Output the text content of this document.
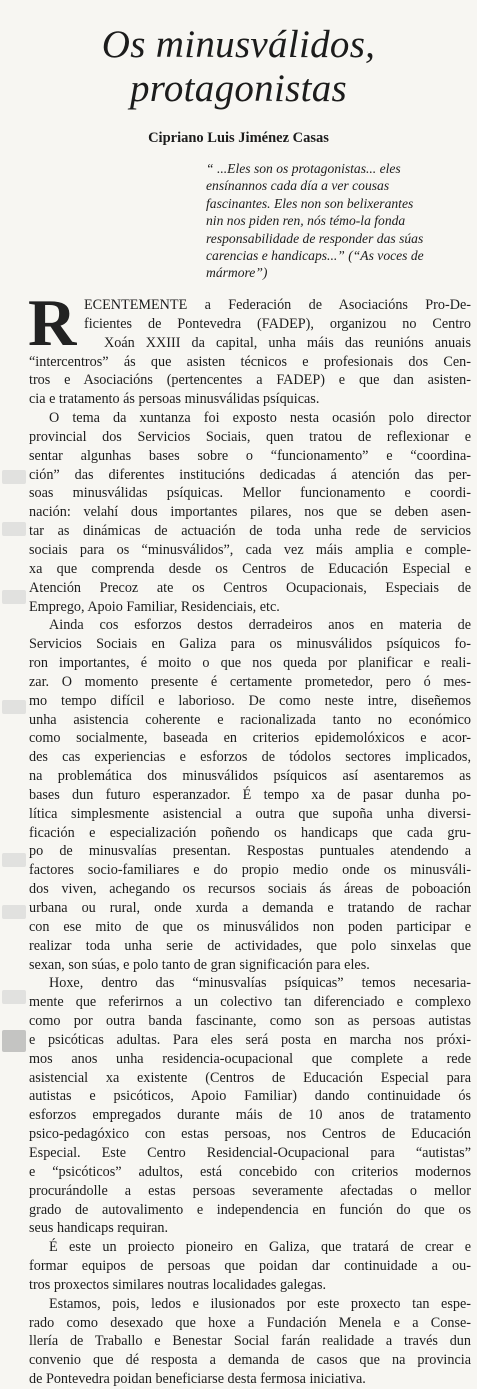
Os minusválidos,
protagonistas
Cipriano Luis Jiménez Casas
“ ...Eles son os protagonistas... eles
ensínannos cada día a ver cousas
fascinantes. Eles non son belixerantes
nin nos piden ren, nós témo-la fonda
responsabilidade de responder das súas
carencias e handicaps...” (“As voces de
mármore”)
R ECENTEMENTE a Federación de Asociacións Pro-De-
ficientes de Pontevedra (FADEP), organizou no Centro
Xoán XXIII da capital, unha máis das reunións anuais
“intercentros” ás que asisten técnicos e profesionais dos Cen-
tros e Asociacións (pertencentes a FADEP) e que dan asisten-
cia e tratamento ás persoas minusválidas psíquicas.
O tema da xuntanza foi exposto nesta ocasión polo director
provincial dos Servicios Sociais, quen tratou de reflexionar e
sentar algunhas bases sobre o “funcionamento” e “coordina-
ción” das diferentes institucións dedicadas á atención das per-
soas minusválidas psíquicas. Mellor funcionamento e coordi-
nación: velahí dous importantes pilares, nos que se deben asen-
tar as dinámicas de actuación de toda unha rede de servicios
sociais para os “minusválidos”, cada vez máis amplia e comple-
xa que comprenda desde os Centros de Educación Especial e
Atención Precoz ate os Centros Ocupacionais, Especiais de
Emprego, Apoio Familiar, Residenciais, etc.
Ainda cos esforzos destos derradeiros anos en materia de
Servicios Sociais en Galiza para os minusválidos psíquicos fo-
ron importantes, é moito o que nos queda por planificar e reali-
zar. O momento presente é certamente prometedor, pero ó mes-
mo tempo difícil e laborioso. De como neste intre, diseñemos
unha asistencia coherente e racionalizada tanto no económico
como socialmente, baseada en criterios epidemolóxicos e acor-
des cas experiencias e esforzos de tódolos sectores implicados,
na problemática dos minusválidos psíquicos así asentaremos as
bases dun futuro esperanzador. É tempo xa de pasar dunha po-
lítica simplesmente asistencial a outra que supoña unha diversi-
ficación e especialización poñendo os handicaps que cada gru-
po de minusvalías presentan. Respostas puntuales atendendo a
factores socio-familiares e do propio medio onde os minusváli-
dos viven, achegando os recursos sociais ás áreas de poboación
urbana ou rural, onde xurda a demanda e tratando de rachar
con ese mito de que os minusválidos non poden participar e
realizar toda unha serie de actividades, que polo sinxelas que
sexan, son súas, e polo tanto de gran significación para eles.
Hoxe, dentro das “minusvalías psíquicas” temos necesaria-
mente que referirnos a un colectivo tan diferenciado e complexo
como por outra banda fascinante, como son as persoas autistas
e psicóticas adultas. Para eles será posta en marcha nos próxi-
mos anos unha residencia-ocupacional que complete a rede
asistencial xa existente (Centros de Educación Especial para
autistas e psicóticos, Apoio Familiar) dando continuidade ós
esforzos empregados durante máis de 10 anos de tratamento
psico-pedagóxico con estas persoas, nos Centros de Educación
Especial. Este Centro Residencial-Ocupacional para “autistas”
e “psicóticos” adultos, está concebido con criterios modernos
procurándolle a estas persoas severamente afectadas o mellor
grado de autovalimento e independencia en función do que os
seus handicaps requiran.
É este un proiecto pioneiro en Galiza, que tratará de crear e
formar equipos de persoas que poidan dar continuidade a ou-
tros proxectos similares noutras localidades galegas.
Estamos, pois, ledos e ilusionados por este proxecto tan espe-
rado como desexado que hoxe a Fundación Menela e a Conse-
llería de Traballo e Benestar Social farán realidade a través dun
convenio que dé resposta a demanda de casos que na provincia
de Pontevedra poidan beneficiarse desta fermosa iniciativa.
